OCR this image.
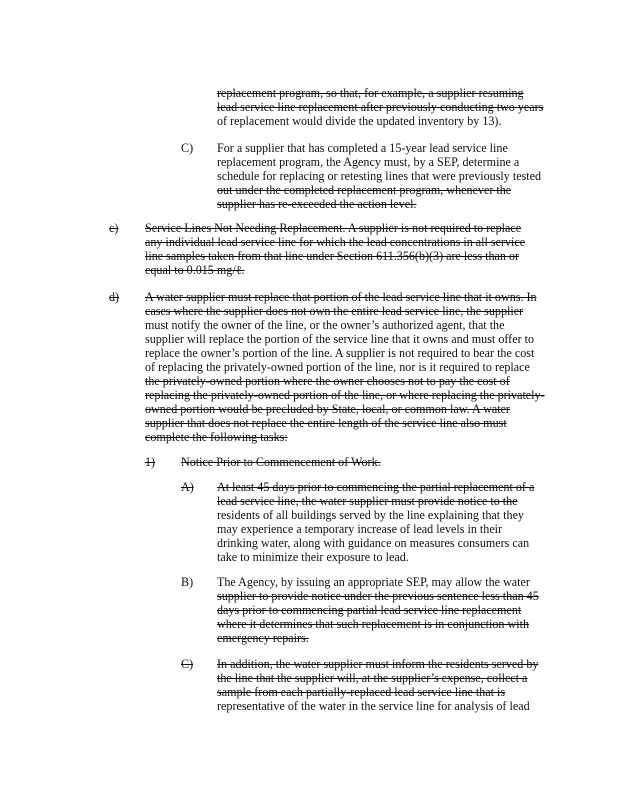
replacement program, so that, for example, a supplier resuming
lead service line replacement after previously conducting two years
of replacement would divide the updated inventory by 13).
C) For a supplier that has completed a 15-year lead service line
replacement program, the Agency must, by a SEP, determine a
schedule for replacing or retesting lines that were previously tested
out under the completed replacement program, whenever the
supplier has re-exceeded the action level.
c) Service Lines Not Needing Replacement. A supplier is not required to replace
any individual lead service line for which the lead concentrations in all service
line samples taken from that line under Section 611.356(b)(3) are less than or
equal to 0.015 mg/ℓ.
d) A water supplier must replace that portion of the lead service line that it owns. In
cases where the supplier does not own the entire lead service line, the supplier
must notify the owner of the line, or the owner’s authorized agent, that the
supplier will replace the portion of the service line that it owns and must offer to
replace the owner’s portion of the line. A supplier is not required to bear the cost
of replacing the privately-owned portion of the line, nor is it required to replace
the privately-owned portion where the owner chooses not to pay the cost of
replacing the privately-owned portion of the line, or where replacing the privately-
owned portion would be precluded by State, local, or common law. A water
supplier that does not replace the entire length of the service line also must
complete the following tasks:
1) Notice Prior to Commencement of Work.
A) At least 45 days prior to commencing the partial replacement of a
lead service line, the water supplier must provide notice to the
residents of all buildings served by the line explaining that they
may experience a temporary increase of lead levels in their
drinking water, along with guidance on measures consumers can
take to minimize their exposure to lead.
B) The Agency, by issuing an appropriate SEP, may allow the water
supplier to provide notice under the previous sentence less than 45
days prior to commencing partial lead service line replacement
where it determines that such replacement is in conjunction with
emergency repairs.
C) In addition, the water supplier must inform the residents served by
the line that the supplier will, at the supplier’s expense, collect a
sample from each partially-replaced lead service line that is
representative of the water in the service line for analysis of lead
